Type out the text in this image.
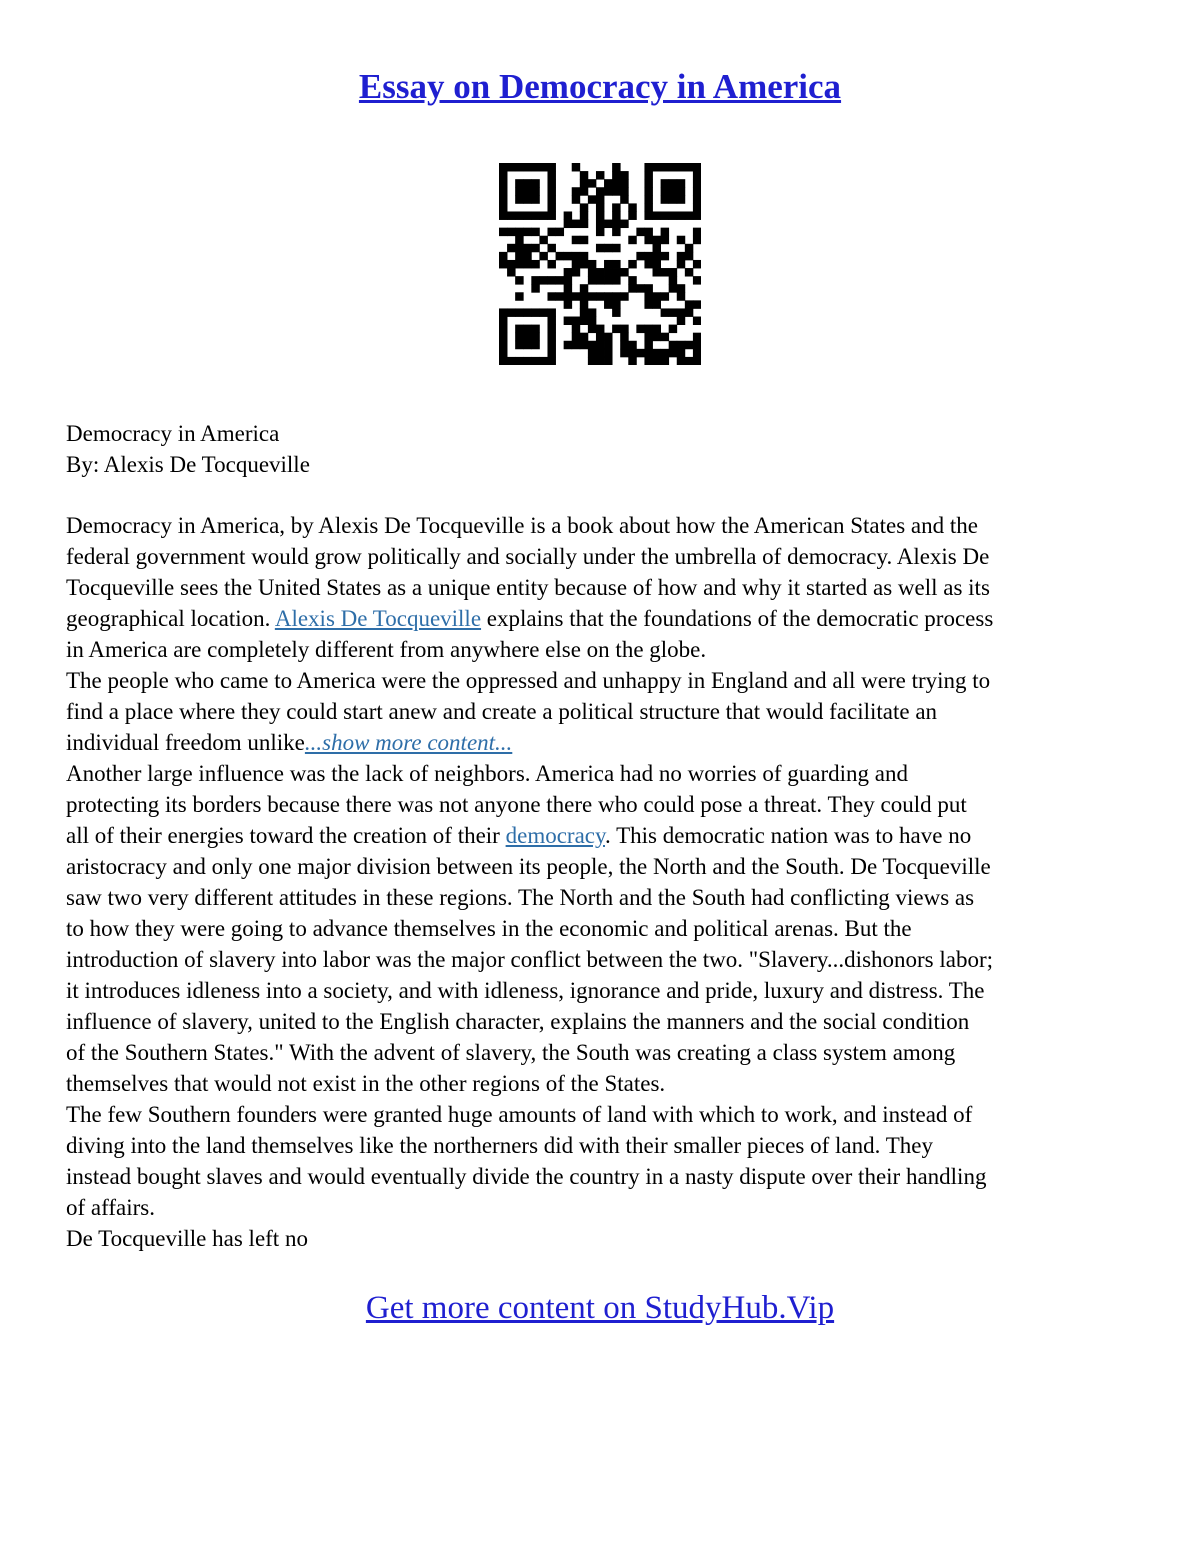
Essay on Democracy in America
Democracy in America
By: Alexis De Tocqueville

Democracy in America, by Alexis De Tocqueville is a book about how the American States and the

federal government would grow politically and socially under the umbrella of democracy. Alexis De

Tocqueville sees the United States as a unique entity because of how and why it started as well as its

geographical location. Alexis De Tocqueville explains that the foundations of the democratic process

in America are completely different from anywhere else on the globe.

The people who came to America were the oppressed and unhappy in England and all were trying to

find a place where they could start anew and create a political structure that would facilitate an

individual freedom unlike...show more content...

Another large influence was the lack of neighbors. America had no worries of guarding and

protecting its borders because there was not anyone there who could pose a threat. They could put

all of their energies toward the creation of their democracy. This democratic nation was to have no

aristocracy and only one major division between its people, the North and the South. De Tocqueville

saw two very different attitudes in these regions. The North and the South had conflicting views as

to how they were going to advance themselves in the economic and political arenas. But the

introduction of slavery into labor was the major conflict between the two. "Slavery...dishonors labor;

it introduces idleness into a society, and with idleness, ignorance and pride, luxury and distress. The

influence of slavery, united to the English character, explains the manners and the social condition

of the Southern States." With the advent of slavery, the South was creating a class system among

themselves that would not exist in the other regions of the States.

The few Southern founders were granted huge amounts of land with which to work, and instead of

diving into the land themselves like the northerners did with their smaller pieces of land. They

instead bought slaves and would eventually divide the country in a nasty dispute over their handling

of affairs.

De Tocqueville has left no

Get more content on StudyHub.Vip
